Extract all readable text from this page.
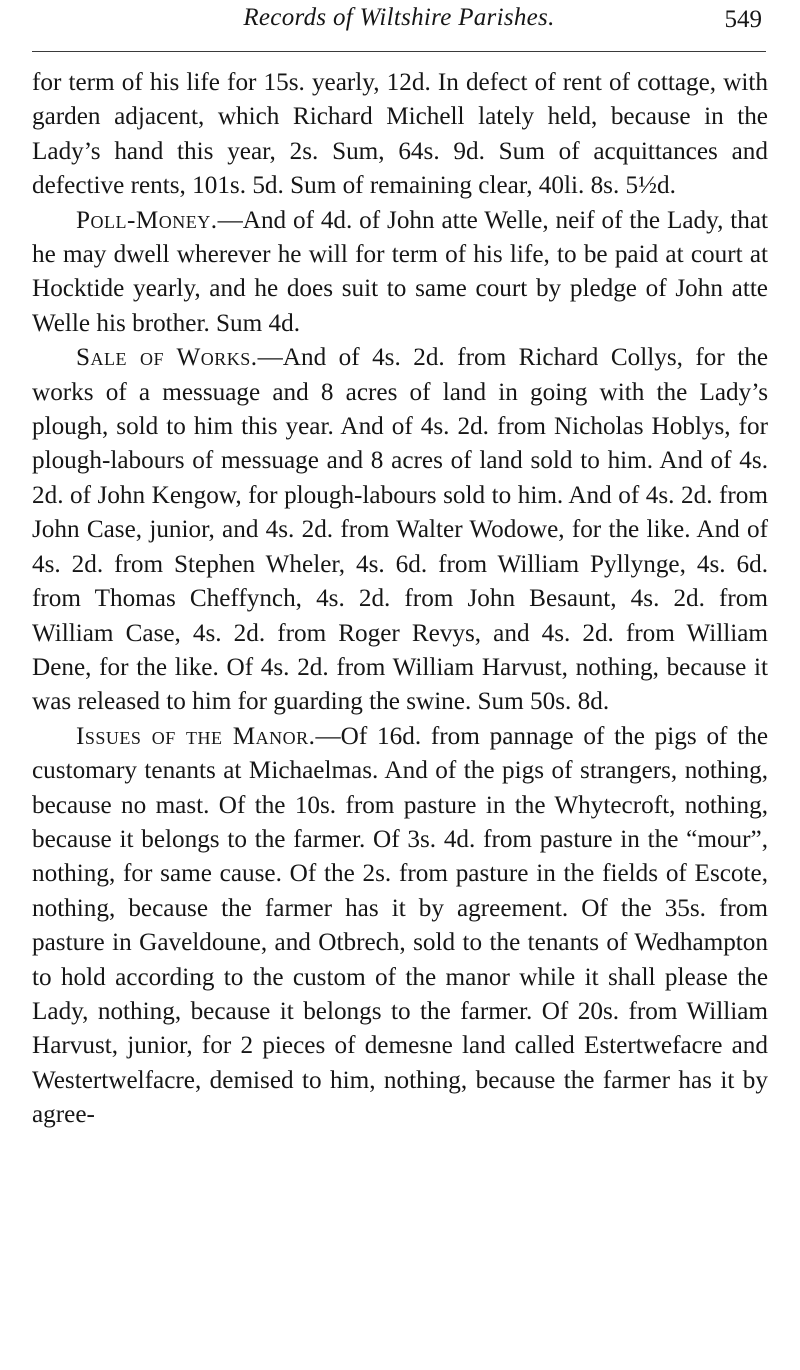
Records of Wiltshire Parishes.	549

for term of his life for 15s. yearly, 12d. In defect of rent of cottage, with garden adjacent, which Richard Michell lately held, because in the Lady’s hand this year, 2s. Sum, 64s. 9d. Sum of acquittances and defective rents, 101s. 5d. Sum of remaining clear, 40li. 8s. 5½d.

Poll-Money.—And of 4d. of John atte Welle, neif of the Lady, that he may dwell wherever he will for term of his life, to be paid at court at Hocktide yearly, and he does suit to same court by pledge of John atte Welle his brother. Sum 4d.

Sale of Works.—And of 4s. 2d. from Richard Collys, for the works of a messuage and 8 acres of land in going with the Lady’s plough, sold to him this year. And of 4s. 2d. from Nicholas Hoblys, for plough-labours of messuage and 8 acres of land sold to him. And of 4s. 2d. of John Kengow, for plough-labours sold to him. And of 4s. 2d. from John Case, junior, and 4s. 2d. from Walter Wodowe, for the like. And of 4s. 2d. from Stephen Wheler, 4s. 6d. from William Pyllynge, 4s. 6d. from Thomas Cheffynch, 4s. 2d. from John Besaunt, 4s. 2d. from William Case, 4s. 2d. from Roger Revys, and 4s. 2d. from William Dene, for the like. Of 4s. 2d. from William Harvust, nothing, because it was released to him for guarding the swine. Sum 50s. 8d.

Issues of the Manor.—Of 16d. from pannage of the pigs of the customary tenants at Michaelmas. And of the pigs of strangers, nothing, because no mast. Of the 10s. from pasture in the Whytecroft, nothing, because it belongs to the farmer. Of 3s. 4d. from pasture in the “mour”, nothing, for same cause. Of the 2s. from pasture in the fields of Escote, nothing, because the farmer has it by agreement. Of the 35s. from pasture in Gaveldoune, and Otbrech, sold to the tenants of Wedhampton to hold according to the custom of the manor while it shall please the Lady, nothing, because it belongs to the farmer. Of 20s. from William Harvust, junior, for 2 pieces of demesne land called Estertwefacre and Westertwelfacre, demised to him, nothing, because the farmer has it by agree-
